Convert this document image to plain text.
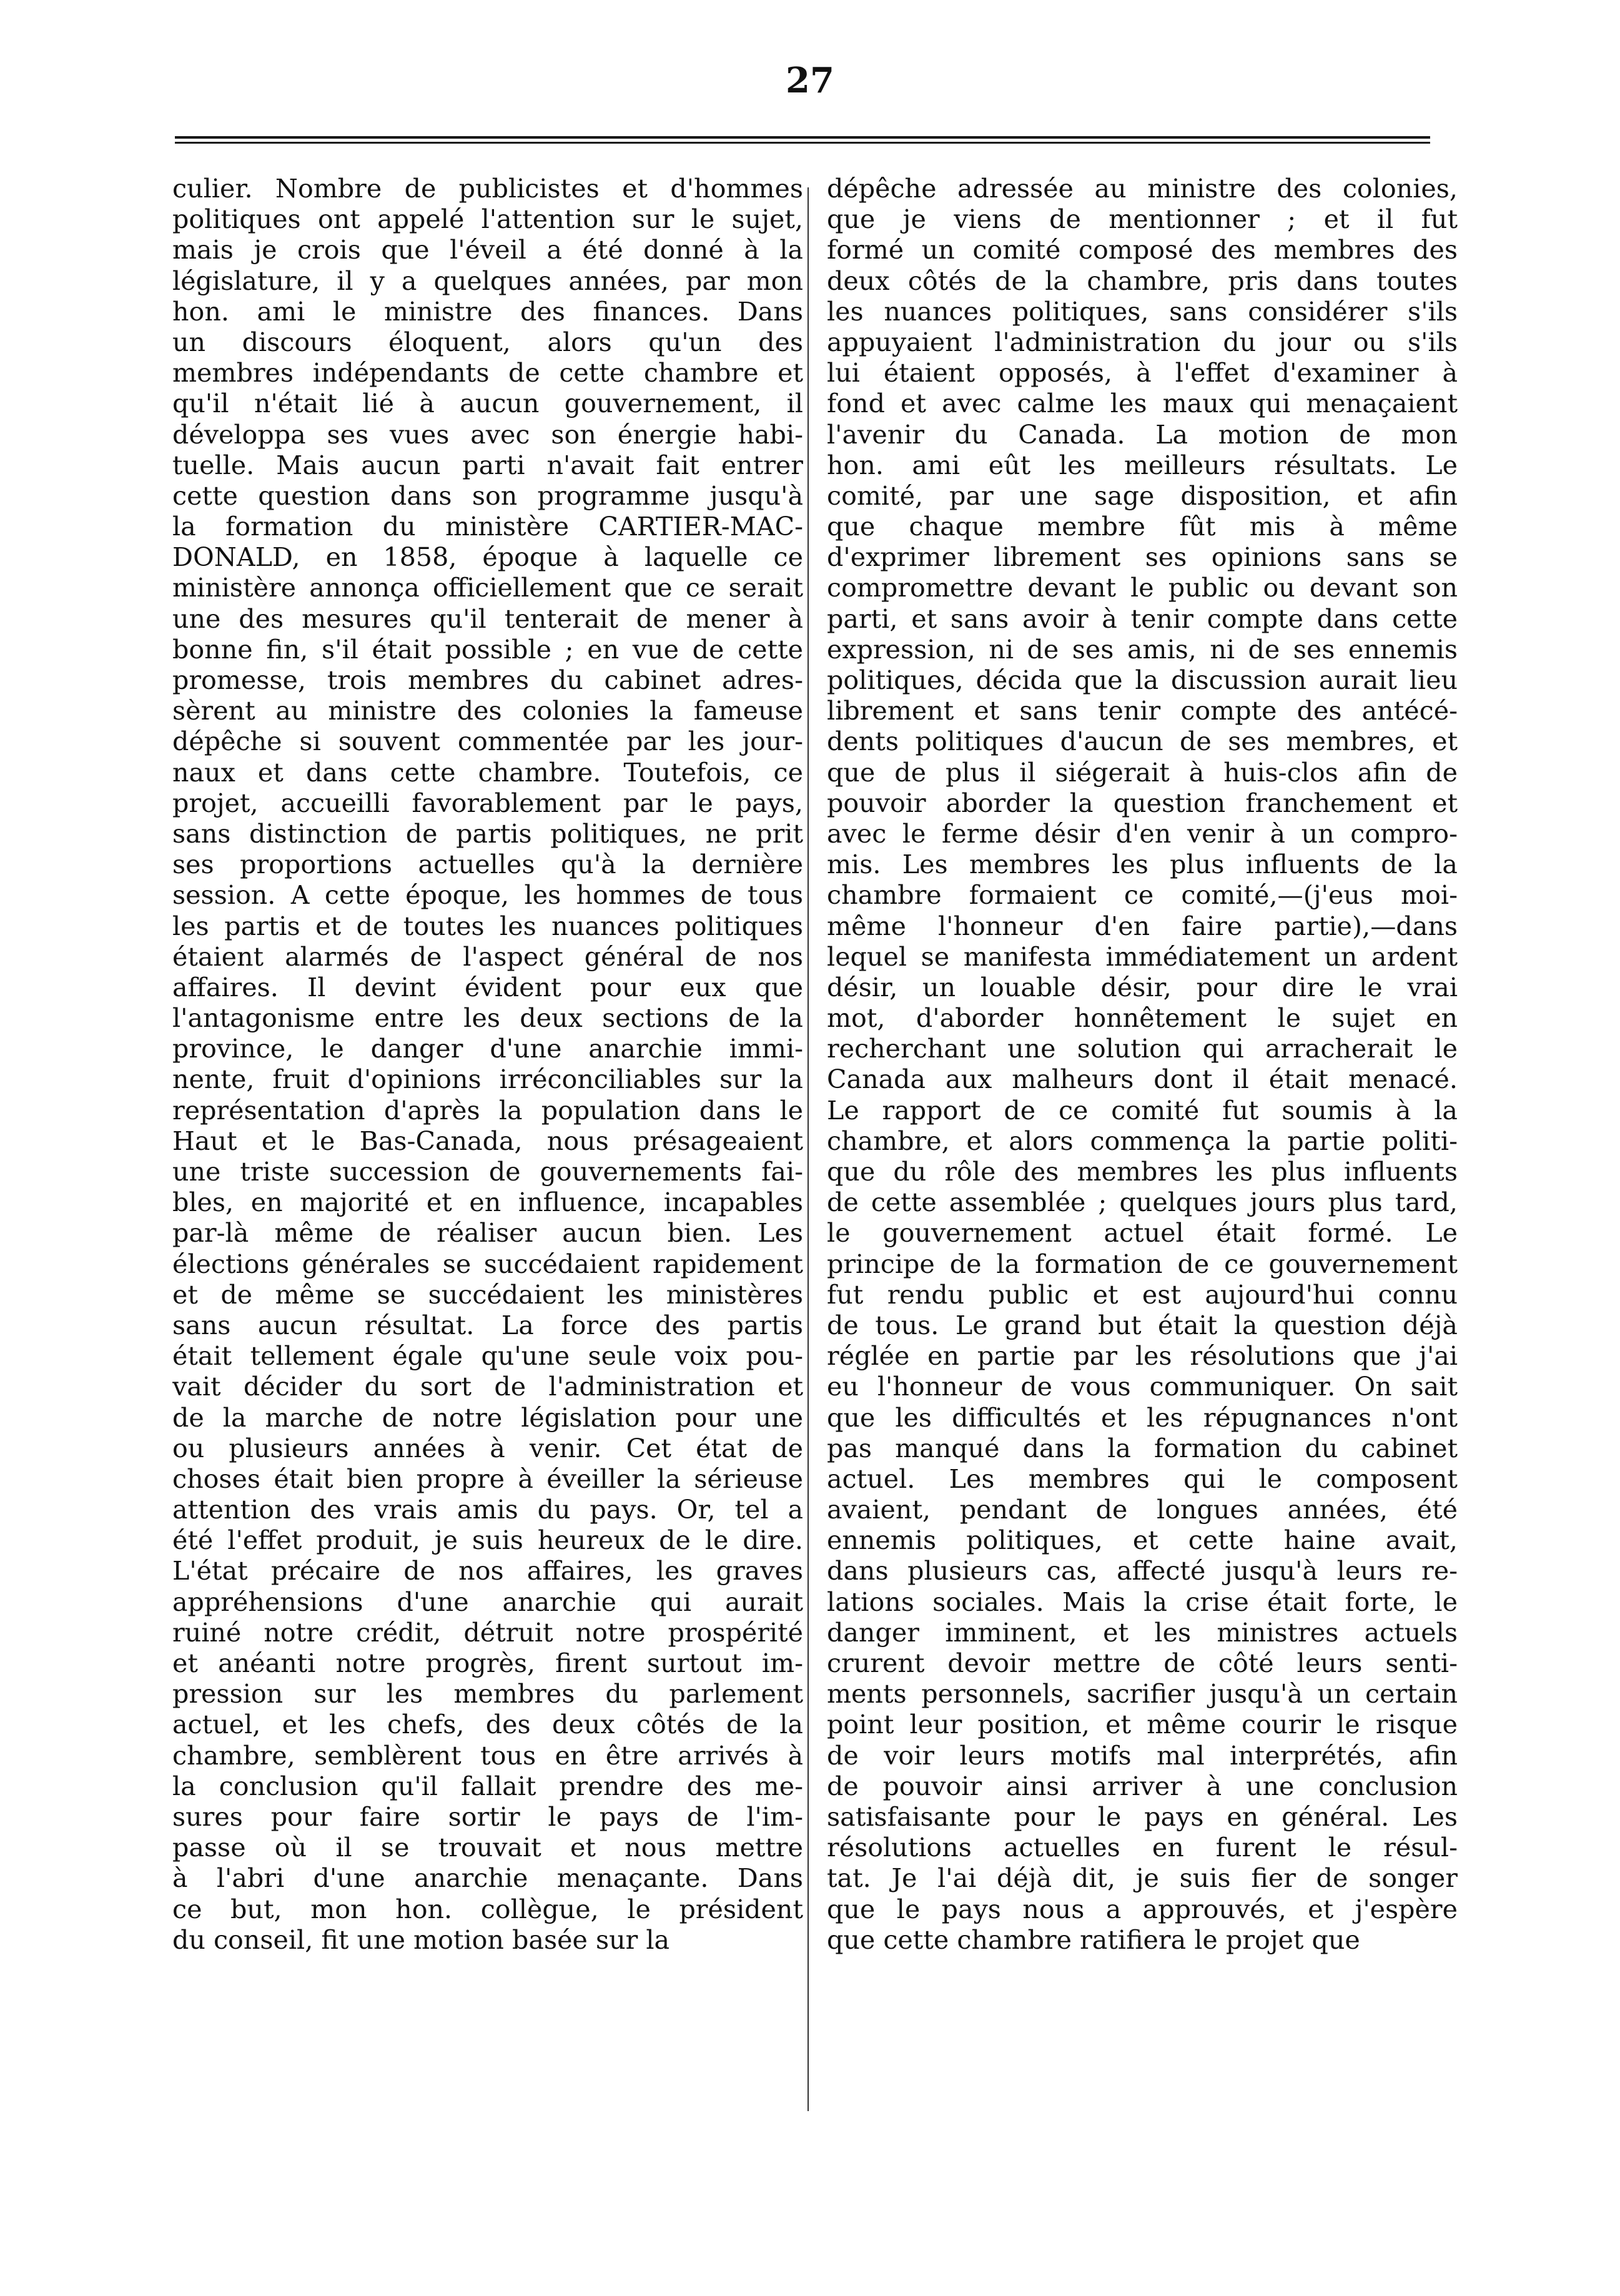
27
culier. Nombre de publicistes et d'hommes
politiques ont appelé l'attention sur le sujet,
mais je crois que l'éveil a été donné à la
législature, il y a quelques années, par mon
hon. ami le ministre des finances. Dans
un discours éloquent, alors qu'un des
membres indépendants de cette chambre et
qu'il n'était lié à aucun gouvernement, il
développa ses vues avec son énergie habi-
tuelle. Mais aucun parti n'avait fait entrer
cette question dans son programme jusqu'à
la formation du ministère CARTIER-MAC-
DONALD, en 1858, époque à laquelle ce
ministère annonça officiellement que ce serait
une des mesures qu'il tenterait de mener à
bonne fin, s'il était possible ; en vue de cette
promesse, trois membres du cabinet adres-
sèrent au ministre des colonies la fameuse
dépêche si souvent commentée par les jour-
naux et dans cette chambre. Toutefois, ce
projet, accueilli favorablement par le pays,
sans distinction de partis politiques, ne prit
ses proportions actuelles qu'à la dernière
session. A cette époque, les hommes de tous
les partis et de toutes les nuances politiques
étaient alarmés de l'aspect général de nos
affaires. Il devint évident pour eux que
l'antagonisme entre les deux sections de la
province, le danger d'une anarchie immi-
nente, fruit d'opinions irréconciliables sur la
représentation d'après la population dans le
Haut et le Bas-Canada, nous présageaient
une triste succession de gouvernements fai-
bles, en majorité et en influence, incapables
par-là même de réaliser aucun bien. Les
élections générales se succédaient rapidement
et de même se succédaient les ministères
sans aucun résultat. La force des partis
était tellement égale qu'une seule voix pou-
vait décider du sort de l'administration et
de la marche de notre législation pour une
ou plusieurs années à venir. Cet état de
choses était bien propre à éveiller la sérieuse
attention des vrais amis du pays. Or, tel a
été l'effet produit, je suis heureux de le dire.
L'état précaire de nos affaires, les graves
appréhensions d'une anarchie qui aurait
ruiné notre crédit, détruit notre prospérité
et anéanti notre progrès, firent surtout im-
pression sur les membres du parlement
actuel, et les chefs, des deux côtés de la
chambre, semblèrent tous en être arrivés à
la conclusion qu'il fallait prendre des me-
sures pour faire sortir le pays de l'im-
passe où il se trouvait et nous mettre
à l'abri d'une anarchie menaçante. Dans
ce but, mon hon. collègue, le président
du conseil, fit une motion basée sur la
dépêche adressée au ministre des colonies,
que je viens de mentionner ; et il fut
formé un comité composé des membres des
deux côtés de la chambre, pris dans toutes
les nuances politiques, sans considérer s'ils
appuyaient l'administration du jour ou s'ils
lui étaient opposés, à l'effet d'examiner à
fond et avec calme les maux qui menaçaient
l'avenir du Canada. La motion de mon
hon. ami eût les meilleurs résultats. Le
comité, par une sage disposition, et afin
que chaque membre fût mis à même
d'exprimer librement ses opinions sans se
compromettre devant le public ou devant son
parti, et sans avoir à tenir compte dans cette
expression, ni de ses amis, ni de ses ennemis
politiques, décida que la discussion aurait lieu
librement et sans tenir compte des antécé-
dents politiques d'aucun de ses membres, et
que de plus il siégerait à huis-clos afin de
pouvoir aborder la question franchement et
avec le ferme désir d'en venir à un compro-
mis. Les membres les plus influents de la
chambre formaient ce comité,—(j'eus moi-
même l'honneur d'en faire partie),—dans
lequel se manifesta immédiatement un ardent
désir, un louable désir, pour dire le vrai
mot, d'aborder honnêtement le sujet en
recherchant une solution qui arracherait le
Canada aux malheurs dont il était menacé.
Le rapport de ce comité fut soumis à la
chambre, et alors commença la partie politi-
que du rôle des membres les plus influents
de cette assemblée ; quelques jours plus tard,
le gouvernement actuel était formé. Le
principe de la formation de ce gouvernement
fut rendu public et est aujourd'hui connu
de tous. Le grand but était la question déjà
réglée en partie par les résolutions que j'ai
eu l'honneur de vous communiquer. On sait
que les difficultés et les répugnances n'ont
pas manqué dans la formation du cabinet
actuel. Les membres qui le composent
avaient, pendant de longues années, été
ennemis politiques, et cette haine avait,
dans plusieurs cas, affecté jusqu'à leurs re-
lations sociales. Mais la crise était forte, le
danger imminent, et les ministres actuels
crurent devoir mettre de côté leurs senti-
ments personnels, sacrifier jusqu'à un certain
point leur position, et même courir le risque
de voir leurs motifs mal interprétés, afin
de pouvoir ainsi arriver à une conclusion
satisfaisante pour le pays en général. Les
résolutions actuelles en furent le résul-
tat. Je l'ai déjà dit, je suis fier de songer
que le pays nous a approuvés, et j'espère
que cette chambre ratifiera le projet que
